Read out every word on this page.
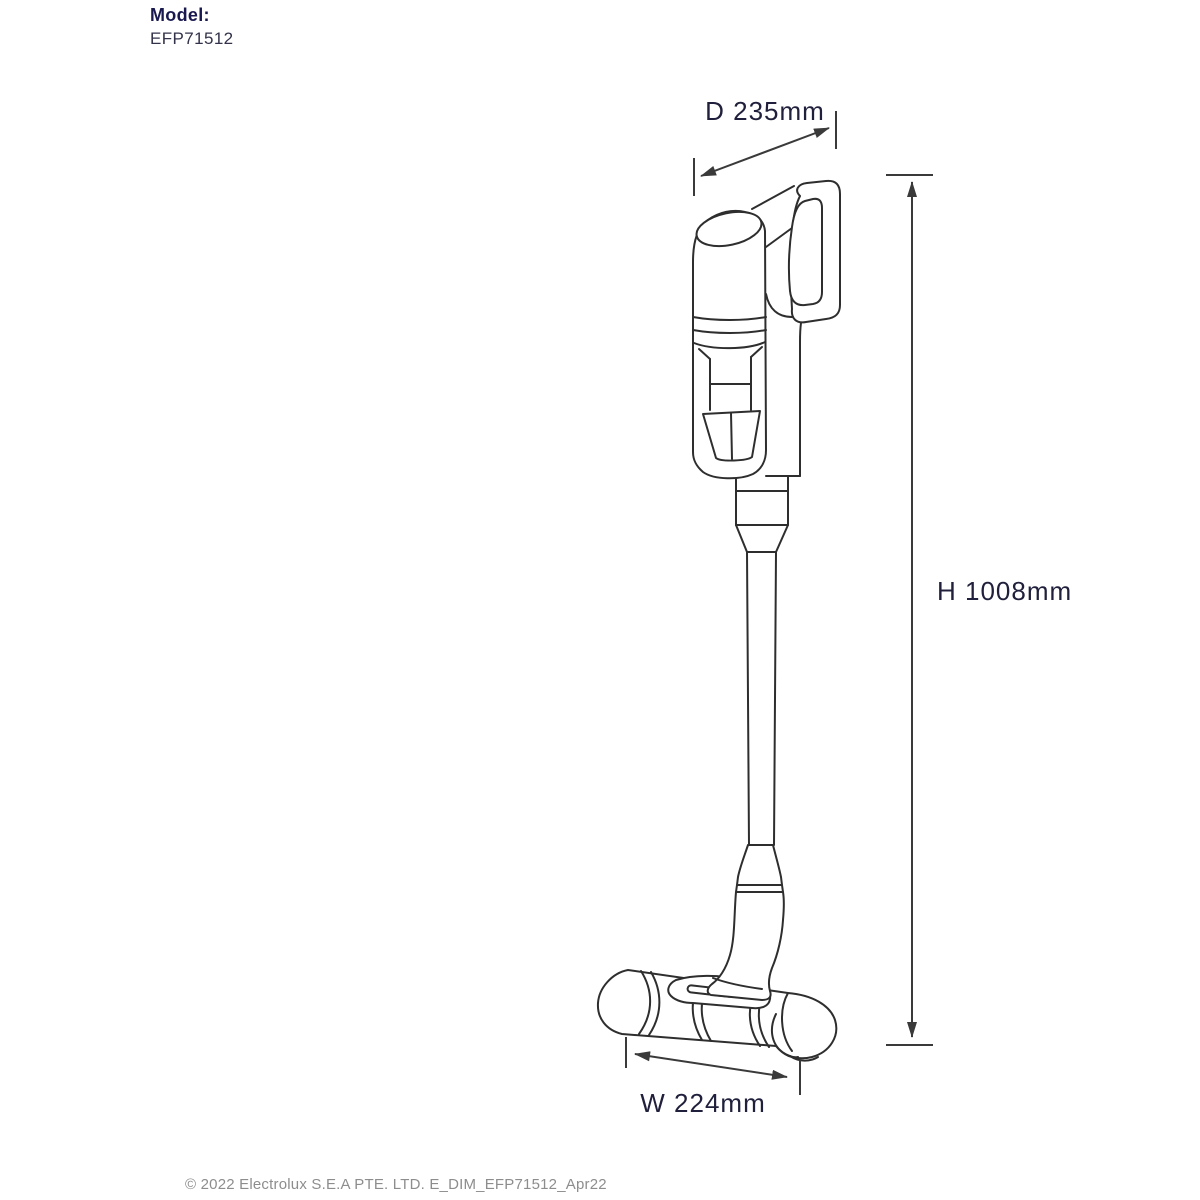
Model:
EFP71512
D 235mm
H 1008mm
W 224mm
© 2022 Electrolux S.E.A PTE. LTD. E_DIM_EFP71512_Apr22
